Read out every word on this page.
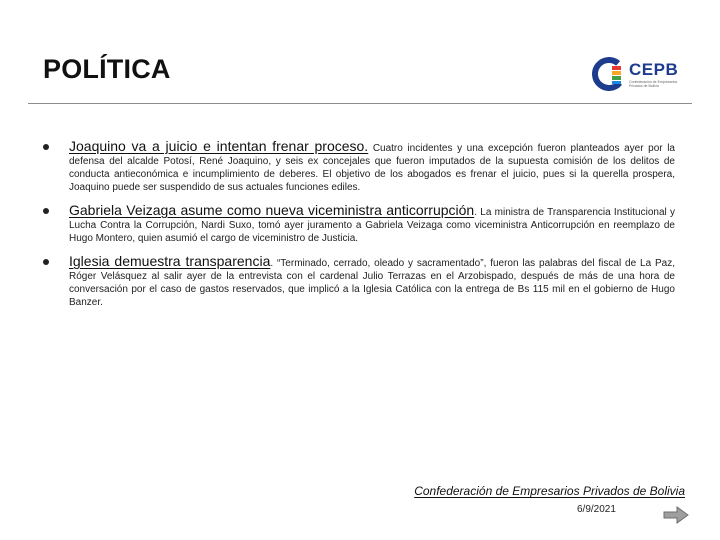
POLÍTICA	CEPB
Confederación de Empresarios Privados de Bolivia
Joaquino va a juicio e intentan frenar proceso. Cuatro incidentes y una excepción fueron planteados ayer por la defensa del alcalde Potosí, René Joaquino, y seis ex concejales que fueron imputados de la supuesta comisión de los delitos de conducta antieconómica e incumplimiento de deberes. El objetivo de los abogados es frenar el juicio, pues si la querella prospera, Joaquino puede ser suspendido de sus actuales funciones ediles.
Gabriela Veizaga asume como nueva viceministra anticorrupción. La ministra de Transparencia Institucional y Lucha Contra la Corrupción, Nardi Suxo, tomó ayer juramento a Gabriela Veizaga como viceministra Anticorrupción en reemplazo de Hugo Montero, quien asumió el cargo de viceministro de Justicia.
Iglesia demuestra transparencia. “Terminado, cerrado, oleado y sacramentado”, fueron las palabras del fiscal de La Paz, Róger Velásquez al salir ayer de la entrevista con el cardenal Julio Terrazas en el Arzobispado, después de más de una hora de conversación por el caso de gastos reservados, que implicó a la Iglesia Católica con la entrega de Bs 115 mil en el gobierno de Hugo Banzer.
Confederación de Empresarios Privados de Bolivia
6/9/2021
